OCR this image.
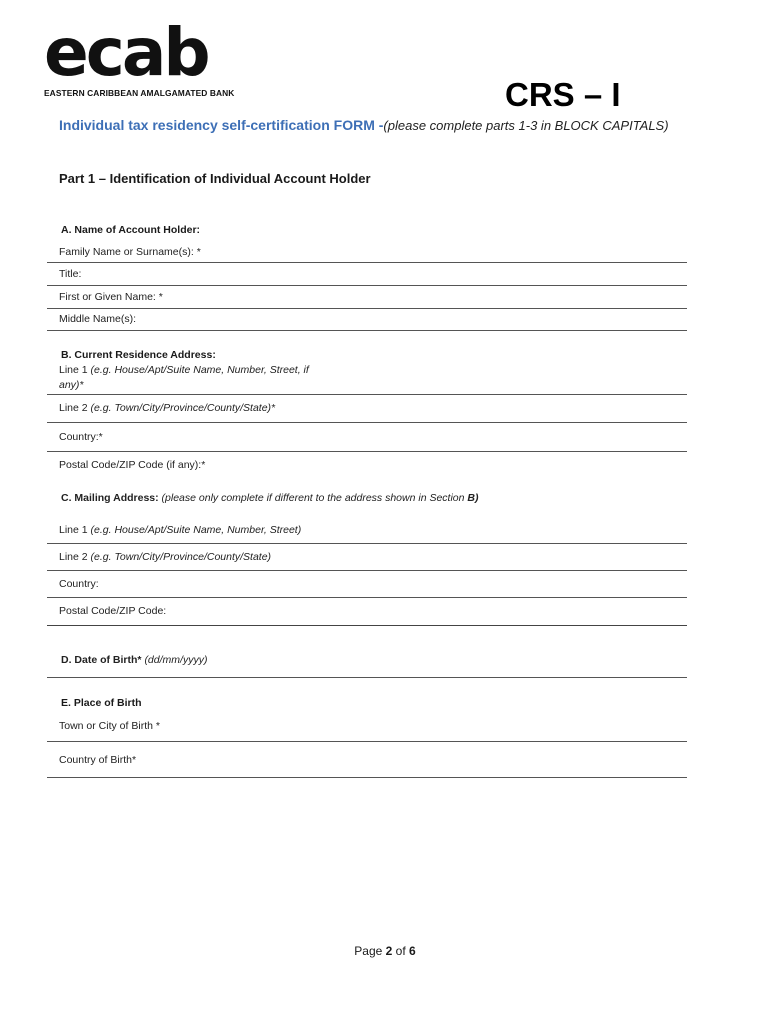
ecab
EASTERN CARIBBEAN AMALGAMATED BANK	CRS – I
Individual tax residency self-certification FORM -(please complete parts 1-3 in BLOCK CAPITALS)
Part 1 – Identification of Individual Account Holder
A. Name of Account Holder:
Family Name or Surname(s): *
Title:
First or Given Name: *
Middle Name(s):
B. Current Residence Address:
Line 1 (e.g. House/Apt/Suite Name, Number, Street, if
any)*
Line 2 (e.g. Town/City/Province/County/State)*
Country:*
Postal Code/ZIP Code (if any):*
C. Mailing Address: (please only complete if different to the address shown in Section B)
Line 1 (e.g. House/Apt/Suite Name, Number, Street)
Line 2 (e.g. Town/City/Province/County/State)
Country:
Postal Code/ZIP Code:
D. Date of Birth* (dd/mm/yyyy)
E. Place of Birth
Town or City of Birth *
Country of Birth*
Page 2 of 6
